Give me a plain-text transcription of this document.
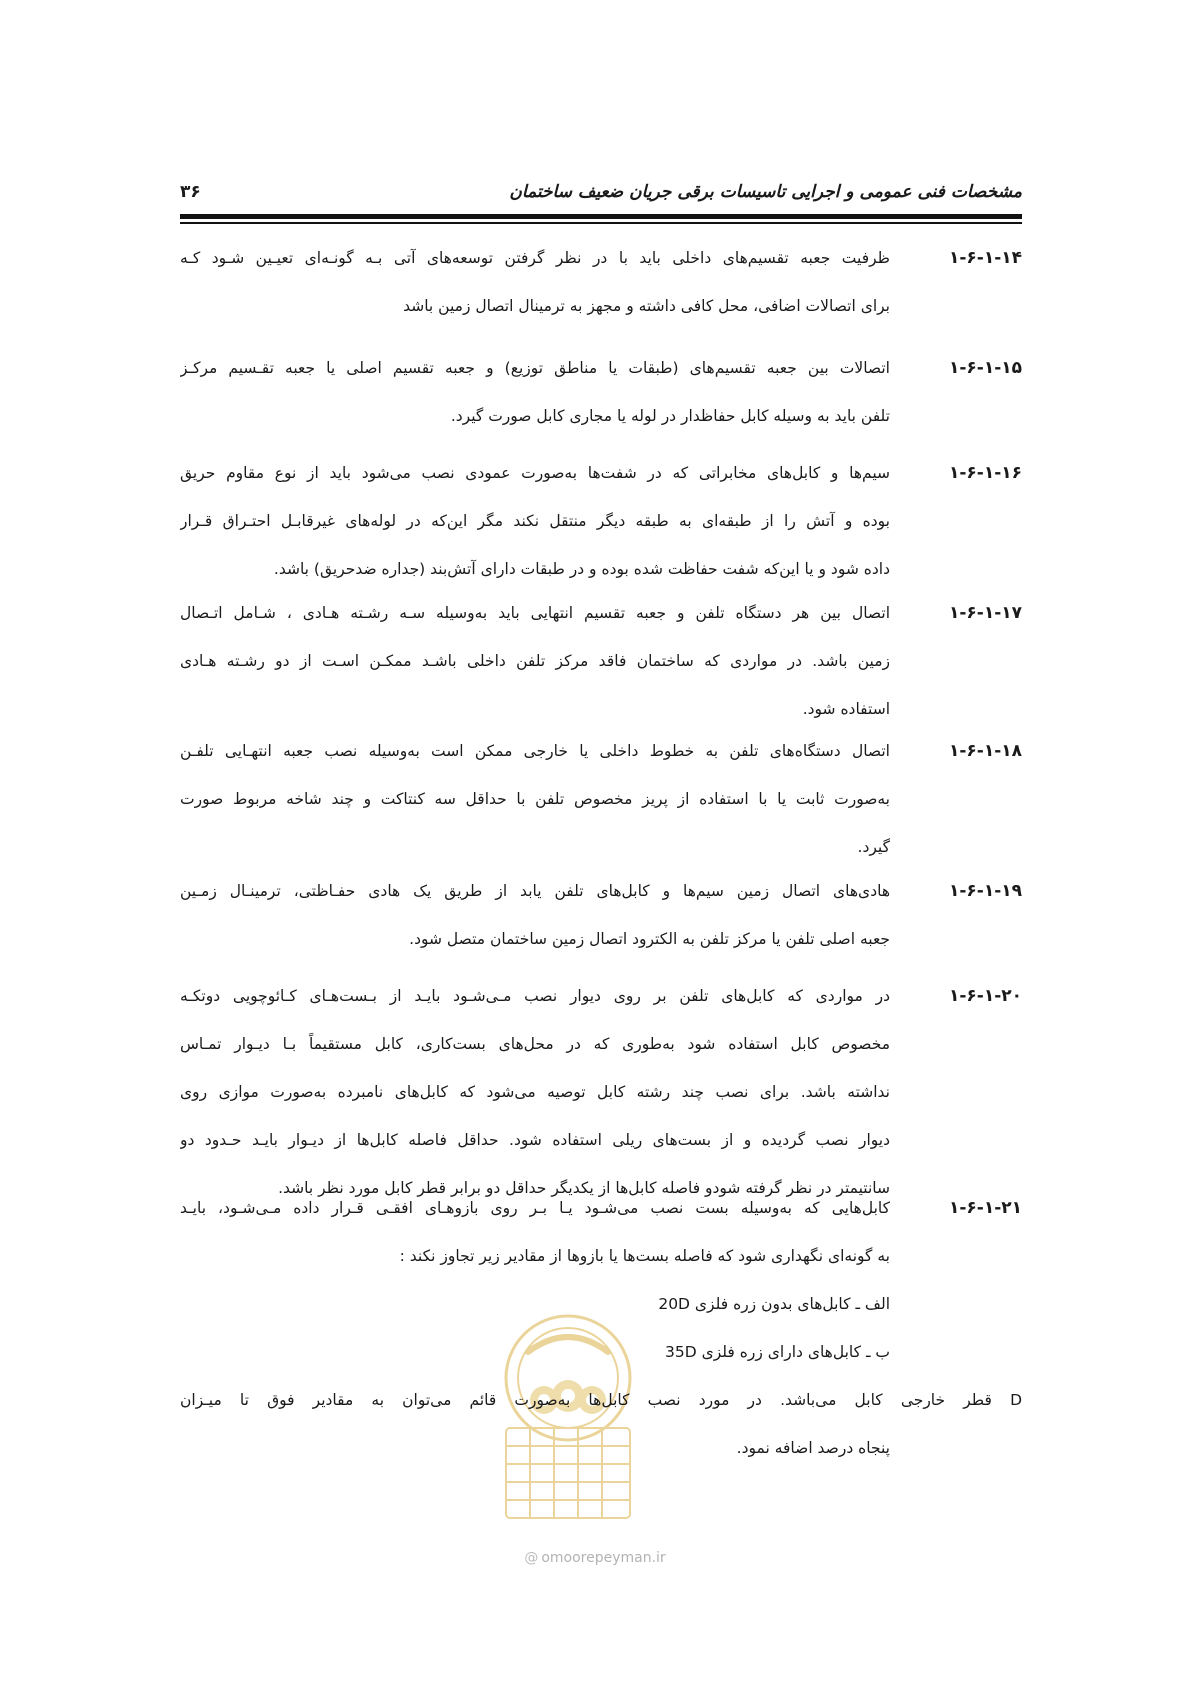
مشخصات فنی عمومی و اجرایی تاسیسات برقی جریان ضعیف ساختمان
۳۶
۱-۶-۱-۱۴
ظرفیت جعبه تقسیم‌های داخلی باید با در نظر گرفتن توسعه‌های آتی بـه گونـه‌ای تعیـین شـود کـه
برای اتصالات اضافی، محل کافی داشته و مجهز به ترمینال اتصال زمین باشد
۱-۶-۱-۱۵
اتصالات بین جعبه تقسیم‌های (طبقات یا مناطق توزیع) و جعبه تقسیم اصلی یا جعبه تقـسیم مرکـز
تلفن باید به وسیله کابل حفاظدار در لوله یا مجاری کابل صورت گیرد.
۱-۶-۱-۱۶
سیم‌ها و کابل‌های مخابراتی که در شفت‌ها به‌صورت عمودی نصب می‌شود باید از نوع مقاوم حریق
بوده و آتش را از طبقه‌ای به طبقه دیگر منتقل نکند مگر این‌که در لوله‌های غیرقابـل احتـراق قـرار
داده شود و یا این‌که شفت حفاظت شده بوده و در طبقات دارای آتش‌بند (جداره ضدحریق) باشد.
۱-۶-۱-۱۷
اتصال بین هر دستگاه تلفن و جعبه تقسیم انتهایی باید به‌وسیله سـه رشـته هـادی ، شـامل اتـصال
زمین باشد. در مواردی که ساختمان فاقد مرکز تلفن داخلی باشـد ممکـن اسـت از دو رشـته هـادی
استفاده شود.
۱-۶-۱-۱۸
اتصال دستگاه‌های تلفن به خطوط داخلی یا خارجی ممکن است به‌وسیله نصب جعبه انتهـایی تلفـن
به‌صورت ثابت یا با استفاده از پریز مخصوص تلفن با حداقل سه کنتاکت و چند شاخه مربوط صورت
گیرد.
۱-۶-۱-۱۹
هادی‌های اتصال زمین سیم‌ها و کابل‌های تلفن یابد از طریق یک هادی حفـاظتی، ترمینـال زمـین
جعبه اصلی تلفن یا مرکز تلفن به الکترود اتصال زمین ساختمان متصل شود.
۱-۶-۱-۲۰
در مواردی که کابل‌های تلفن بر روی دیوار نصب مـی‌شـود بایـد از بـست‌هـای کـائوچویی دوتکـه
مخصوص کابل استفاده شود به‌طوری که در محل‌های بست‌کاری، کابل مستقیماً بـا دیـوار تمـاس
نداشته باشد. برای نصب چند رشته کابل توصیه می‌شود که کابل‌های نامبرده به‌صورت موازی روی
دیوار نصب گردیده و از بست‌های ریلی استفاده شود. حداقل فاصله کابل‌ها از دیـوار بایـد حـدود دو
سانتیمتر در نظر گرفته شودو فاصله کابل‌ها از یکدیگر حداقل دو برابر قطر کابل مورد نظر باشد.
۱-۶-۱-۲۱
کابل‌هایی که به‌وسیله بست نصب می‌شـود یـا بـر روی بازوهـای افقـی قـرار داده مـی‌شـود، بایـد
به گونه‌ای نگهداری شود که فاصله بست‌ها یا بازوها از مقادیر زیر تجاوز نکند :
الف ـ کابل‌های بدون زره فلزی 20D
ب ـ کابل‌های دارای زره فلزی 35D
D قطر خارجی کابل می‌باشد. در مورد نصب کابل‌ها به‌صورت قائم می‌توان به مقادیر فوق تا میـزان
پنجاه درصد اضافه نمود.
@ omoorepeyman.ir
